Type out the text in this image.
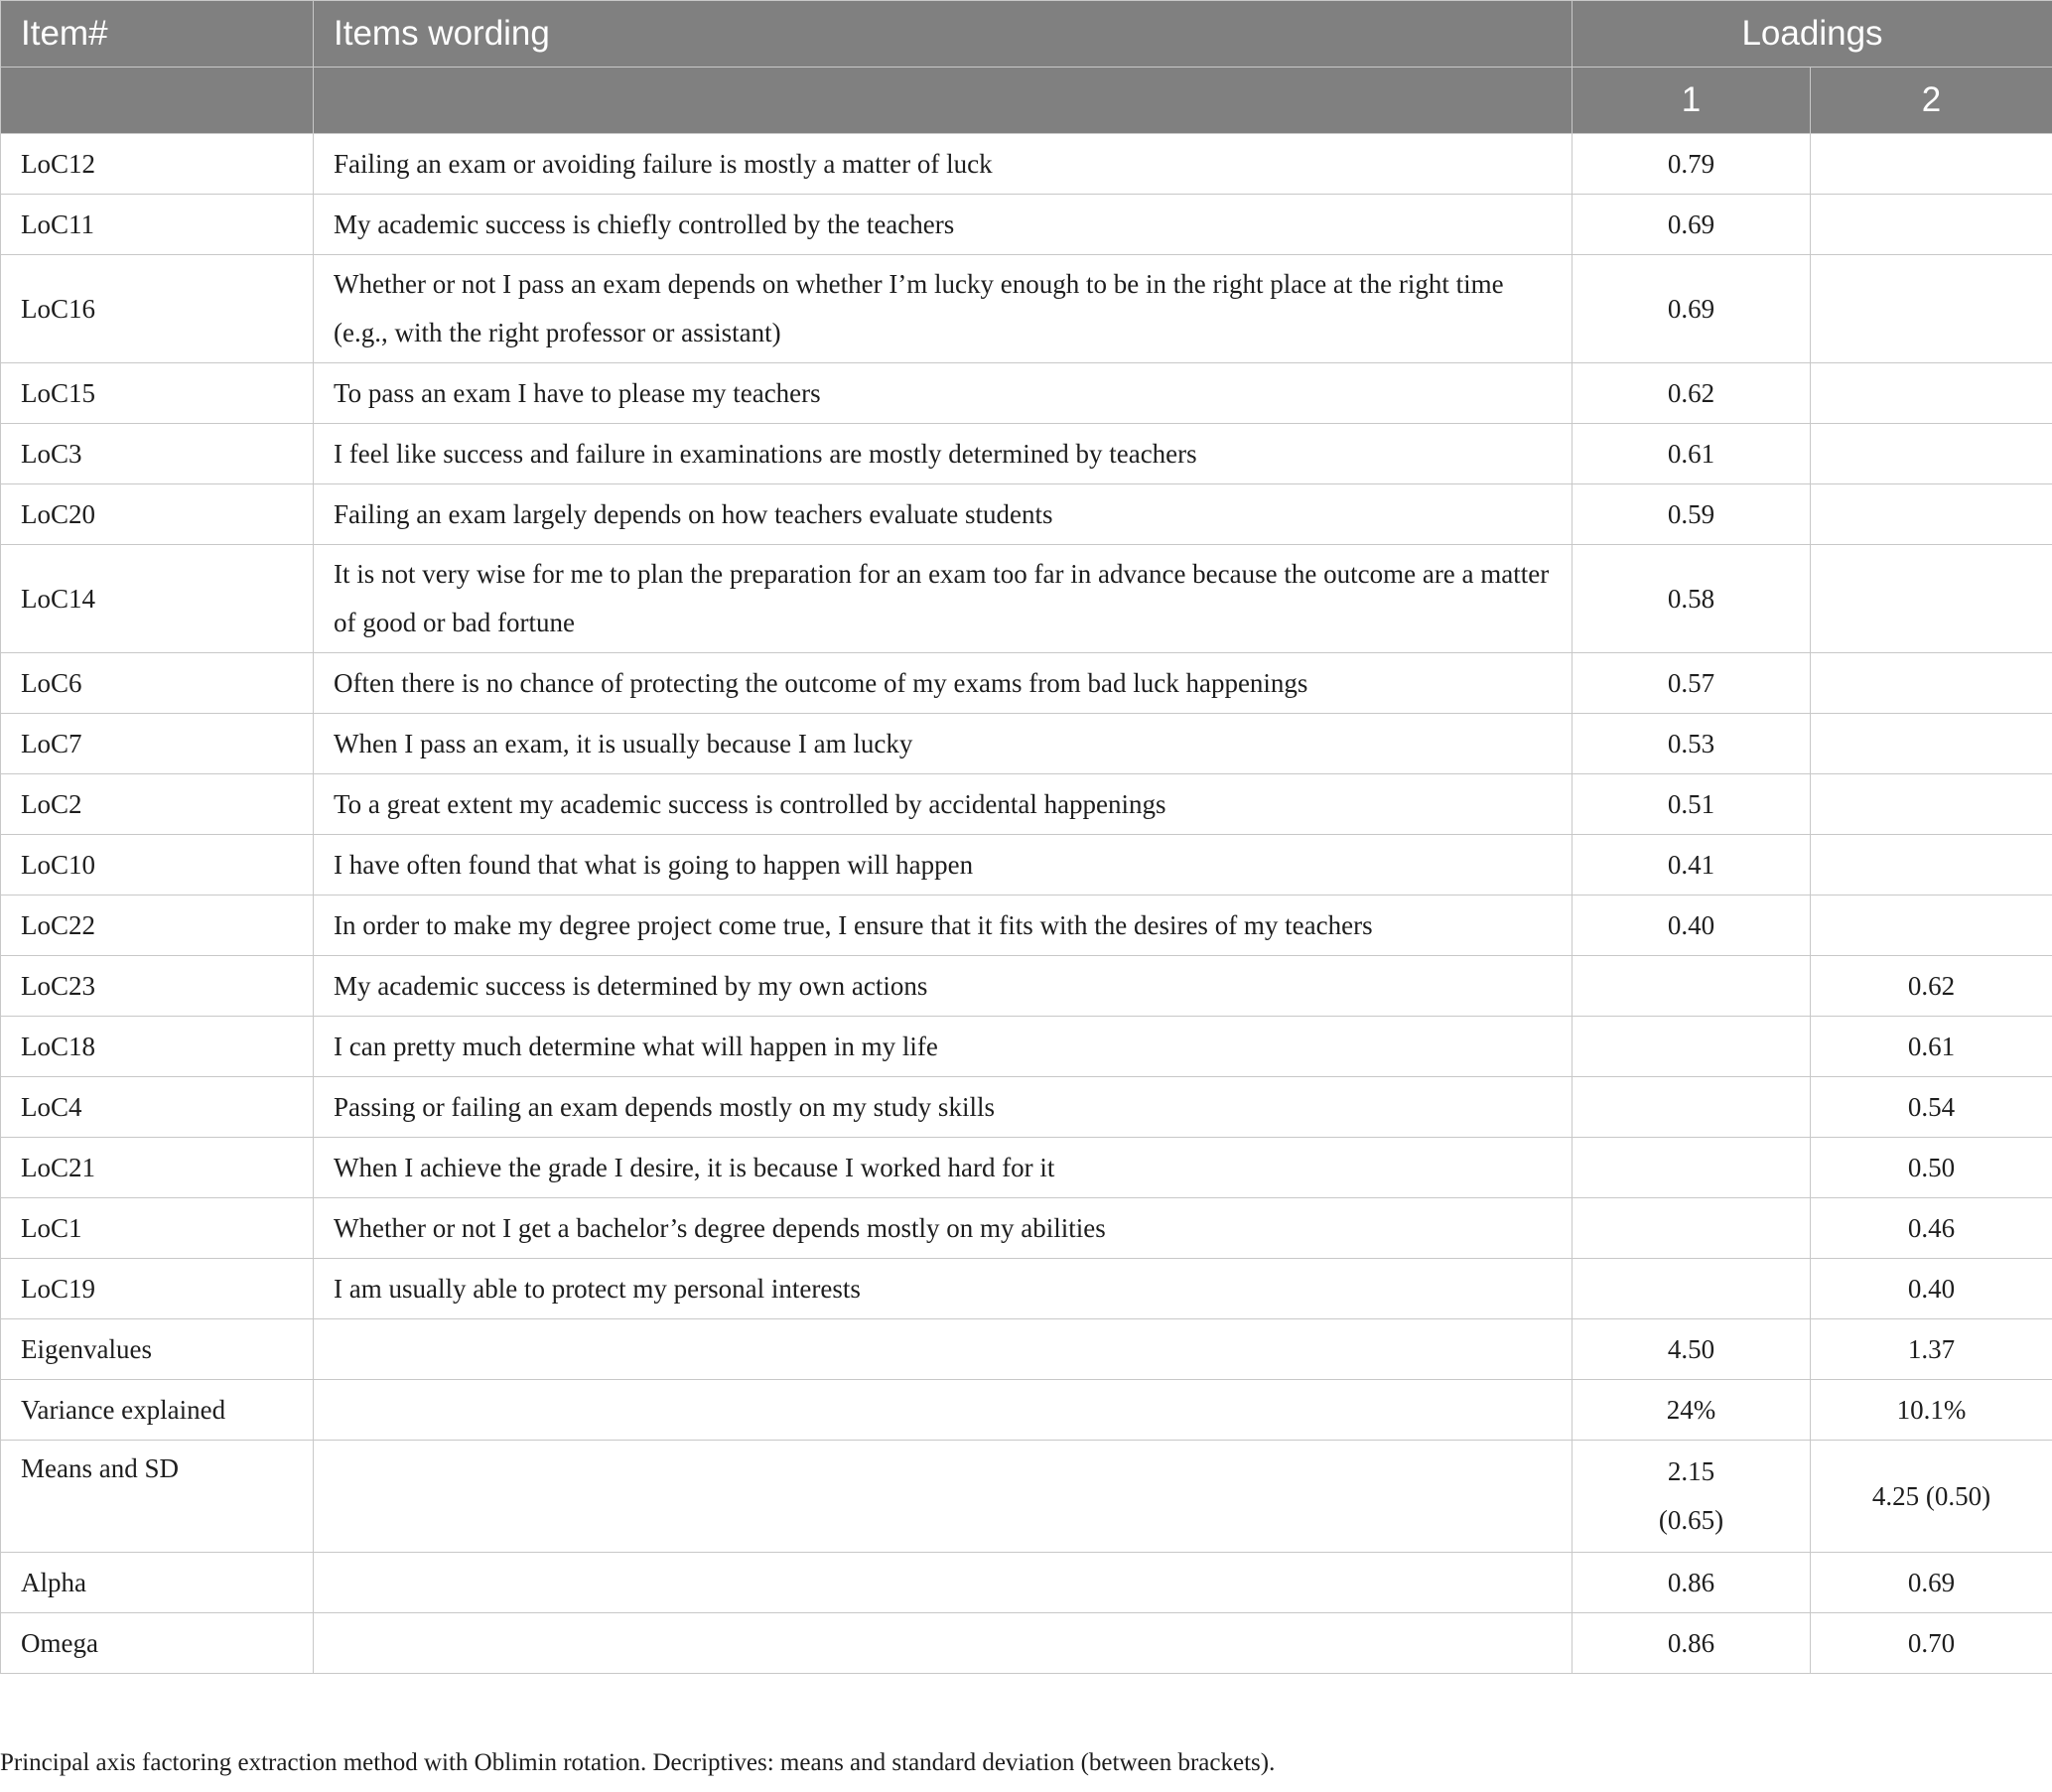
Item#	Items wording	Loadings	
		1	2
LoC12	Failing an exam or avoiding failure is mostly a matter of luck	0.79	
LoC11	My academic success is chiefly controlled by the teachers	0.69	
LoC16	Whether or not I pass an exam depends on whether I’m lucky enough to be in the right place at the right time (e.g., with the right professor or assistant)	0.69	
LoC15	To pass an exam I have to please my teachers	0.62	
LoC3	I feel like success and failure in examinations are mostly determined by teachers	0.61	
LoC20	Failing an exam largely depends on how teachers evaluate students	0.59	
LoC14	It is not very wise for me to plan the preparation for an exam too far in advance because the outcome are a matter of good or bad fortune	0.58	
LoC6	Often there is no chance of protecting the outcome of my exams from bad luck happenings	0.57	
LoC7	When I pass an exam, it is usually because I am lucky	0.53	
LoC2	To a great extent my academic success is controlled by accidental happenings	0.51	
LoC10	I have often found that what is going to happen will happen	0.41	
LoC22	In order to make my degree project come true, I ensure that it fits with the desires of my teachers	0.40	
LoC23	My academic success is determined by my own actions		0.62
LoC18	I can pretty much determine what will happen in my life		0.61
LoC4	Passing or failing an exam depends mostly on my study skills		0.54
LoC21	When I achieve the grade I desire, it is because I worked hard for it		0.50
LoC1	Whether or not I get a bachelor’s degree depends mostly on my abilities		0.46
LoC19	I am usually able to protect my personal interests		0.40
Eigenvalues		4.50	1.37
Variance explained		24%	10.1%
Means and SD		2.15 (0.65)	4.25 (0.50)
Alpha		0.86	0.69
Omega		0.86	0.70
Principal axis factoring extraction method with Oblimin rotation. Decriptives: means and standard deviation (between brackets).
